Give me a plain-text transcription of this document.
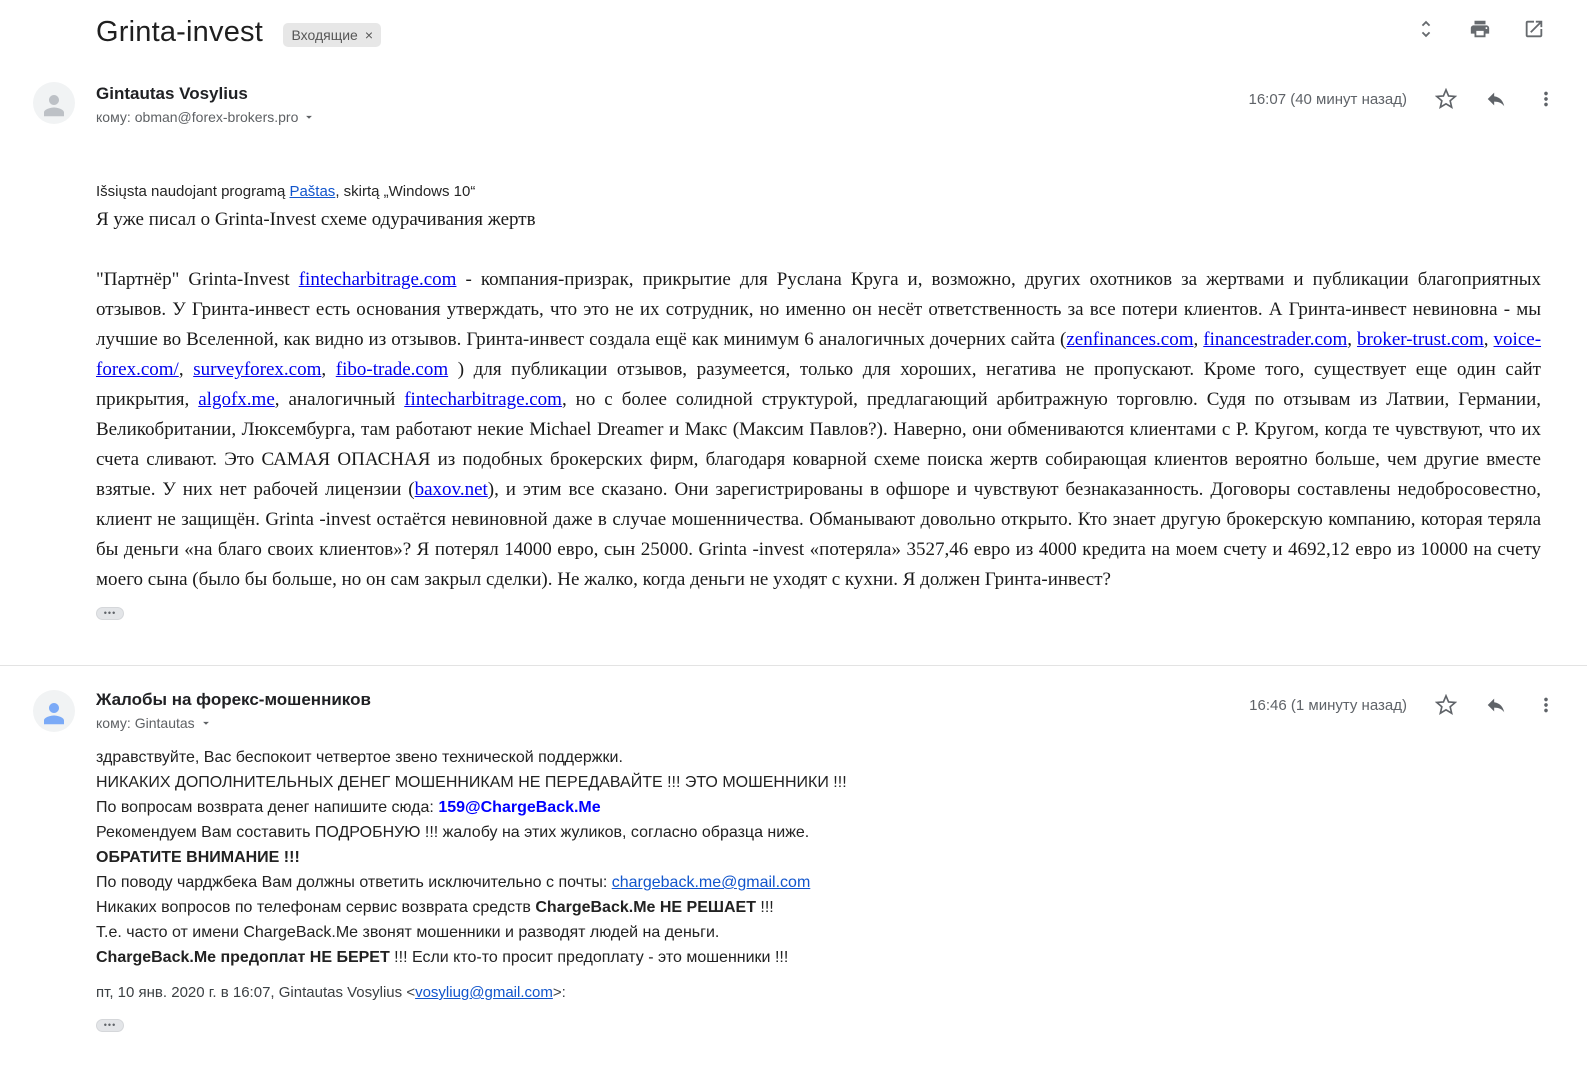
Grinta-invest Входящие ×
Gintautas Vosylius
кому: obman@forex-brokers.pro
16:07 (40 минут назад)
Išsiųsta naudojant programą Paštas, skirtą „Windows 10“
Я уже писал о Grinta-Invest схеме одурачивания жертв
"Партнёр" Grinta-Invest fintecharbitrage.com - компания-призрак, прикрытие для Руслана Круга и, возможно, других охотников за жертвами и публикации благоприятных отзывов. У Гринта-инвест есть основания утверждать, что это не их сотрудник, но именно он несёт ответственность за все потери клиентов. А Гринта-инвест невиновна - мы лучшие во Вселенной, как видно из отзывов. Гринта-инвест создала ещё как минимум 6 аналогичных дочерних сайта (zenfinances.com, financestrader.com, broker-trust.com, voice-forex.com/, surveyforex.com, fibo-trade.com ) для публикации отзывов, разумеется, только для хороших, негатива не пропускают. Кроме того, существует еще один сайт прикрытия, algofx.me, аналогичный fintecharbitrage.com, но с более солидной структурой, предлагающий арбитражную торговлю. Судя по отзывам из Латвии, Германии, Великобритании, Люксембурга, там работают некие Michael Dreamer и Макс (Максим Павлов?). Наверно, они обмениваются клиентами с Р. Кругом, когда те чувствуют, что их счета сливают. Это САМАЯ ОПАСНАЯ из подобных брокерских фирм, благодаря коварной схеме поиска жертв собирающая клиентов вероятно больше, чем другие вместе взятые. У них нет рабочей лицензии (baxov.net), и этим все сказано. Они зарегистрированы в офшоре и чувствуют безнаказанность. Договоры составлены недобросовестно, клиент не защищён. Grinta -invest остаётся невиновной даже в случае мошенничества. Обманывают довольно открыто. Кто знает другую брокерскую компанию, которая теряла бы деньги «на благо своих клиентов»? Я потерял 14000 евро, сын 25000. Grinta -invest «потеряла» 3527,46 евро из 4000 кредита на моем счету и 4692,12 евро из 10000 на счету моего сына (было бы больше, но он сам закрыл сделки). Не жалко, когда деньги не уходят с кухни. Я должен Гринта-инвест?
•••
Жалобы на форекс-мошенников
кому: Gintautas
16:46 (1 минуту назад)
здравствуйте, Вас беспокоит четвертое звено технической поддержки.
НИКАКИХ ДОПОЛНИТЕЛЬНЫХ ДЕНЕГ МОШЕННИКАМ НЕ ПЕРЕДАВАЙТЕ !!! ЭТО МОШЕННИКИ !!!
По вопросам возврата денег напишите сюда: 159@ChargeBack.Me
Рекомендуем Вам составить ПОДРОБНУЮ !!! жалобу на этих жуликов, согласно образца ниже.
ОБРАТИТЕ ВНИМАНИЕ !!!
По поводу чарджбека Вам должны ответить исключительно с почты: chargeback.me@gmail.com
Никаких вопросов по телефонам сервис возврата средств ChargeBack.Me НЕ РЕШАЕТ !!!
Т.е. часто от имени ChargeBack.Me звонят мошенники и разводят людей на деньги.
ChargeBack.Me предоплат НЕ БЕРЕТ !!! Если кто-то просит предоплату - это мошенники !!!
пт, 10 янв. 2020 г. в 16:07, Gintautas Vosylius <vosyliug@gmail.com>:
•••
